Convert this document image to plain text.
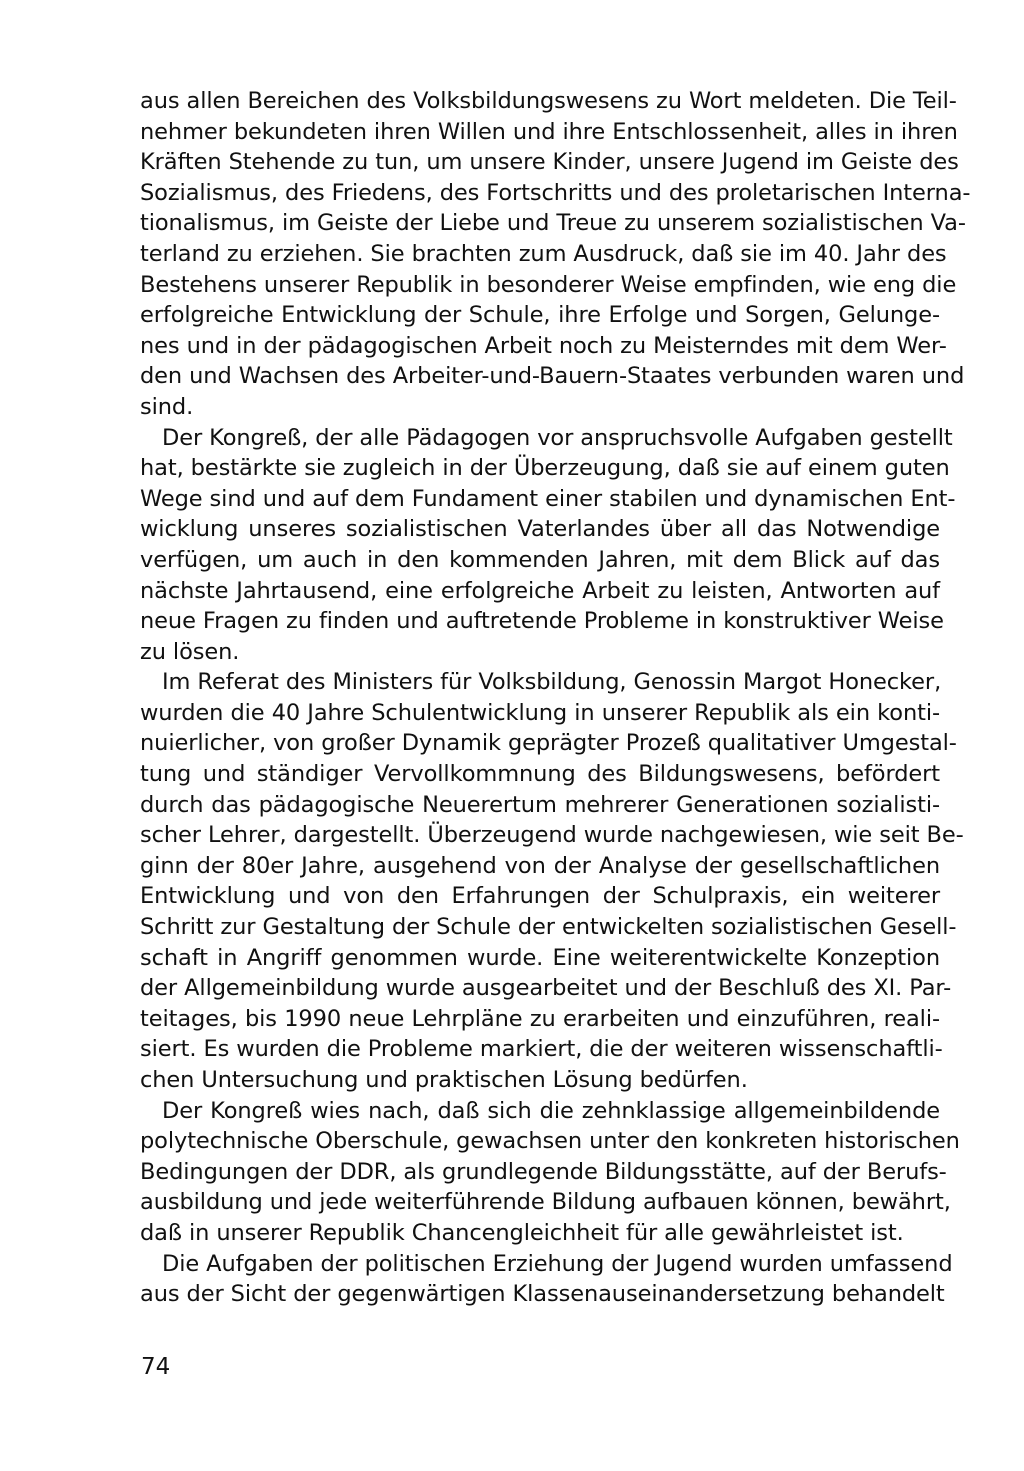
aus allen Bereichen des Volksbildungswesens zu Wort meldeten. Die Teil-
nehmer bekundeten ihren Willen und ihre Entschlossenheit, alles in ihren
Kräften Stehende zu tun, um unsere Kinder, unsere Jugend im Geiste des
Sozialismus, des Friedens, des Fortschritts und des proletarischen Interna-
tionalismus, im Geiste der Liebe und Treue zu unserem sozialistischen Va-
terland zu erziehen. Sie brachten zum Ausdruck, daß sie im 40. Jahr des
Bestehens unserer Republik in besonderer Weise empfinden, wie eng die
erfolgreiche Entwicklung der Schule, ihre Erfolge und Sorgen, Gelunge-
nes und in der pädagogischen Arbeit noch zu Meisterndes mit dem Wer-
den und Wachsen des Arbeiter-und-Bauern-Staates verbunden waren und
sind.
Der Kongreß, der alle Pädagogen vor anspruchsvolle Aufgaben gestellt
hat, bestärkte sie zugleich in der Überzeugung, daß sie auf einem guten
Wege sind und auf dem Fundament einer stabilen und dynamischen Ent-
wicklung unseres sozialistischen Vaterlandes über all das Notwendige
verfügen, um auch in den kommenden Jahren, mit dem Blick auf das
nächste Jahrtausend, eine erfolgreiche Arbeit zu leisten, Antworten auf
neue Fragen zu finden und auftretende Probleme in konstruktiver Weise
zu lösen.
Im Referat des Ministers für Volksbildung, Genossin Margot Honecker,
wurden die 40 Jahre Schulentwicklung in unserer Republik als ein konti-
nuierlicher, von großer Dynamik geprägter Prozeß qualitativer Umgestal-
tung und ständiger Vervollkommnung des Bildungswesens, befördert
durch das pädagogische Neuerertum mehrerer Generationen sozialisti-
scher Lehrer, dargestellt. Überzeugend wurde nachgewiesen, wie seit Be-
ginn der 80er Jahre, ausgehend von der Analyse der gesellschaftlichen
Entwicklung und von den Erfahrungen der Schulpraxis, ein weiterer
Schritt zur Gestaltung der Schule der entwickelten sozialistischen Gesell-
schaft in Angriff genommen wurde. Eine weiterentwickelte Konzeption
der Allgemeinbildung wurde ausgearbeitet und der Beschluß des XI. Par-
teitages, bis 1990 neue Lehrpläne zu erarbeiten und einzuführen, reali-
siert. Es wurden die Probleme markiert, die der weiteren wissenschaftli-
chen Untersuchung und praktischen Lösung bedürfen.
Der Kongreß wies nach, daß sich die zehnklassige allgemeinbildende
polytechnische Oberschule, gewachsen unter den konkreten historischen
Bedingungen der DDR, als grundlegende Bildungsstätte, auf der Berufs-
ausbildung und jede weiterführende Bildung aufbauen können, bewährt,
daß in unserer Republik Chancengleichheit für alle gewährleistet ist.
Die Aufgaben der politischen Erziehung der Jugend wurden umfassend
aus der Sicht der gegenwärtigen Klassenauseinandersetzung behandelt
74
